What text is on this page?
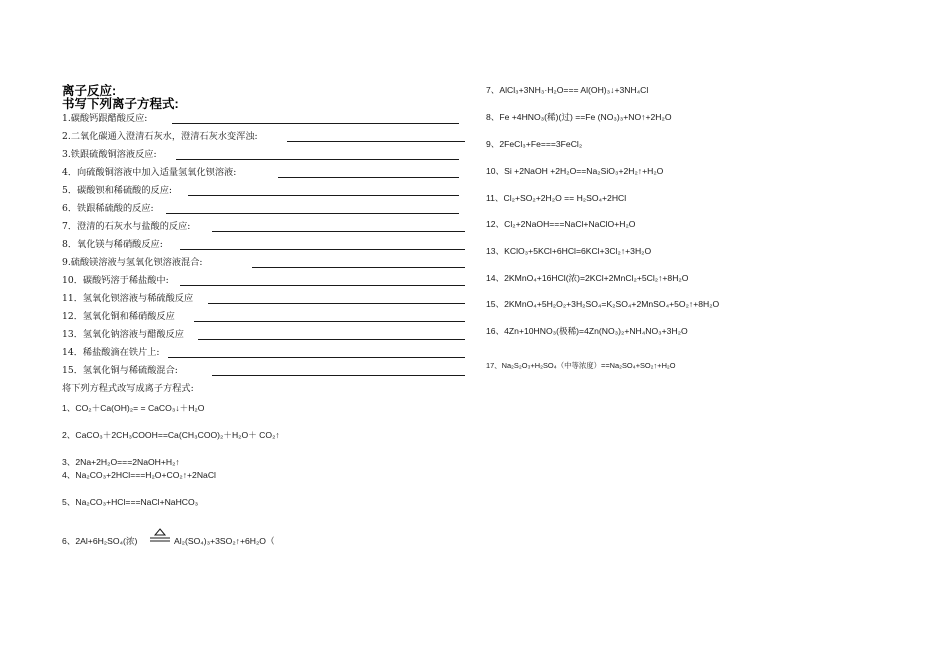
离子反应:
书写下列离子方程式:
1.碳酸钙跟醋酸反应:
2.二氧化碳通入澄清石灰水，澄清石灰水变浑浊:
3.铁跟硫酸铜溶液反应:
4．向硫酸铜溶液中加入适量氢氧化钡溶液:
5．碳酸钡和稀硫酸的反应:
6．铁跟稀硫酸的反应:
7．澄清的石灰水与盐酸的反应:
8．氧化镁与稀硝酸反应:
9.硫酸镁溶液与氢氧化钡溶液混合:
10．碳酸钙溶于稀盐酸中:
11．氢氧化钡溶液与稀硫酸反应
12．氢氧化铜和稀硝酸反应
13．氢氧化钠溶液与醋酸反应
14．稀盐酸滴在铁片上:
15．氢氧化铜与稀硫酸混合:
将下列方程式改写成离子方程式:
1、CO₂＋Ca(OH)₂= = CaCO₃↓＋H₂O
2、CaCO₃＋2CH₃COOH==Ca(CH₃COO)₂＋H₂O＋ CO₂↑
3、2Na+2H₂O===2NaOH+H₂↑
4、Na₂CO₃+2HCl===H₂O+CO₂↑+2NaCl
5、Na₂CO₃+HCl===NaCl+NaHCO₃
6、2Al+6H₂SO₄(浓)	Al₂(SO₄)₃+3SO₂↑+6H₂O（
7、AlCl₃+3NH₃·H₂O=== Al(OH)₃↓+3NH₄Cl
8、Fe +4HNO₃(稀)(过) ==Fe (NO₃)₃+NO↑+2H₂O
9、2FeCl₃+Fe===3FeCl₂
10、Si +2NaOH +2H₂O==Na₂SiO₃+2H₂↑+H₂O
11、Cl₂+SO₂+2H₂O == H₂SO₄+2HCl
12、Cl₂+2NaOH===NaCl+NaClO+H₂O
13、KClO₃+5KCl+6HCl=6KCl+3Cl₂↑+3H₂O
14、2KMnO₄+16HCl(浓)=2KCl+2MnCl₂+5Cl₂↑+8H₂O
15、2KMnO₄+5H₂O₂+3H₂SO₄=K₂SO₄+2MnSO₄+5O₂↑+8H₂O
16、4Zn+10HNO₃(极稀)=4Zn(NO₃)₂+NH₄NO₃+3H₂O
17、Na₂S₂O₃+H₂SO₄（中等浓度）==Na₂SO₄+SO₂↑+H₂O
